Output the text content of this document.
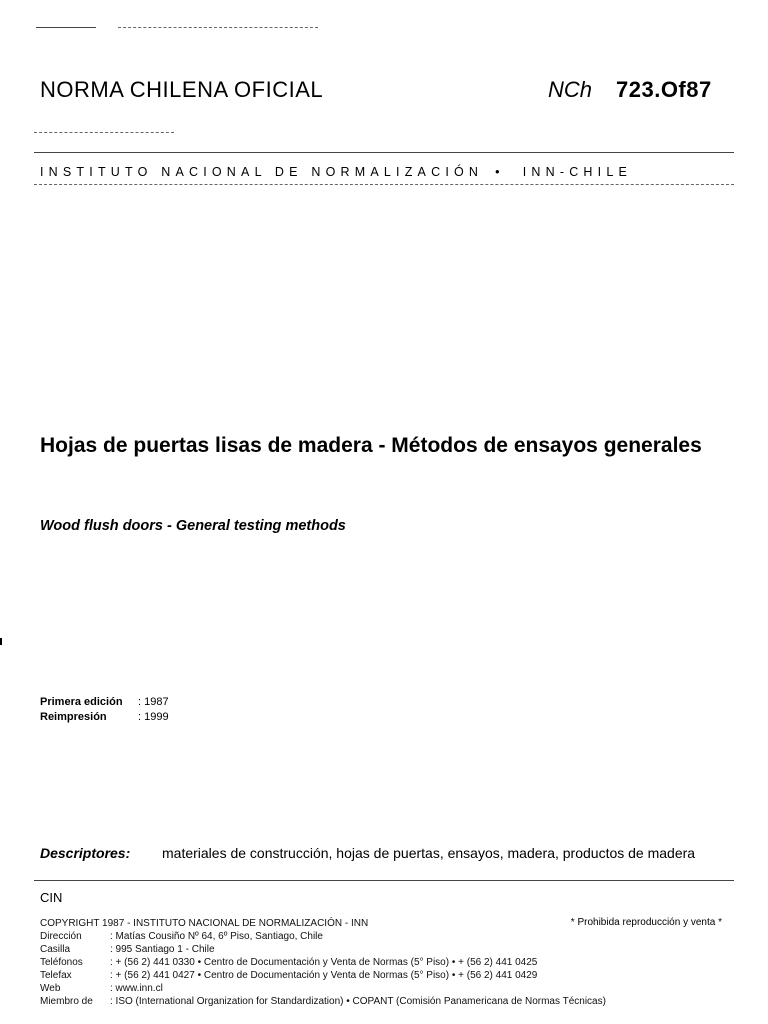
NORMA CHILENA OFICIAL	NCh 723.Of87
INSTITUTO NACIONAL DE NORMALIZACIÓN • INN-CHILE
Hojas de puertas lisas de madera - Métodos de ensayos generales
Wood flush doors - General testing methods
Primera edición : 1987
Reimpresión	: 1999
Descriptores: materiales de construcción, hojas de puertas, ensayos, madera, productos de madera
CIN
COPYRIGHT 1987 - INSTITUTO NACIONAL DE NORMALIZACIÓN - INN	* Prohibida reproducción y venta *
Dirección	: Matías Cousiño Nº 64, 6º Piso, Santiago, Chile
Casilla	: 995 Santiago 1 - Chile
Teléfonos	: + (56 2) 441 0330 • Centro de Documentación y Venta de Normas (5° Piso) • + (56 2) 441 0425
Telefax	: + (56 2) 441 0427 • Centro de Documentación y Venta de Normas (5° Piso) • + (56 2) 441 0429
Web	: www.inn.cl
Miembro de : ISO (International Organization for Standardization) • COPANT (Comisión Panamericana de Normas Técnicas)
